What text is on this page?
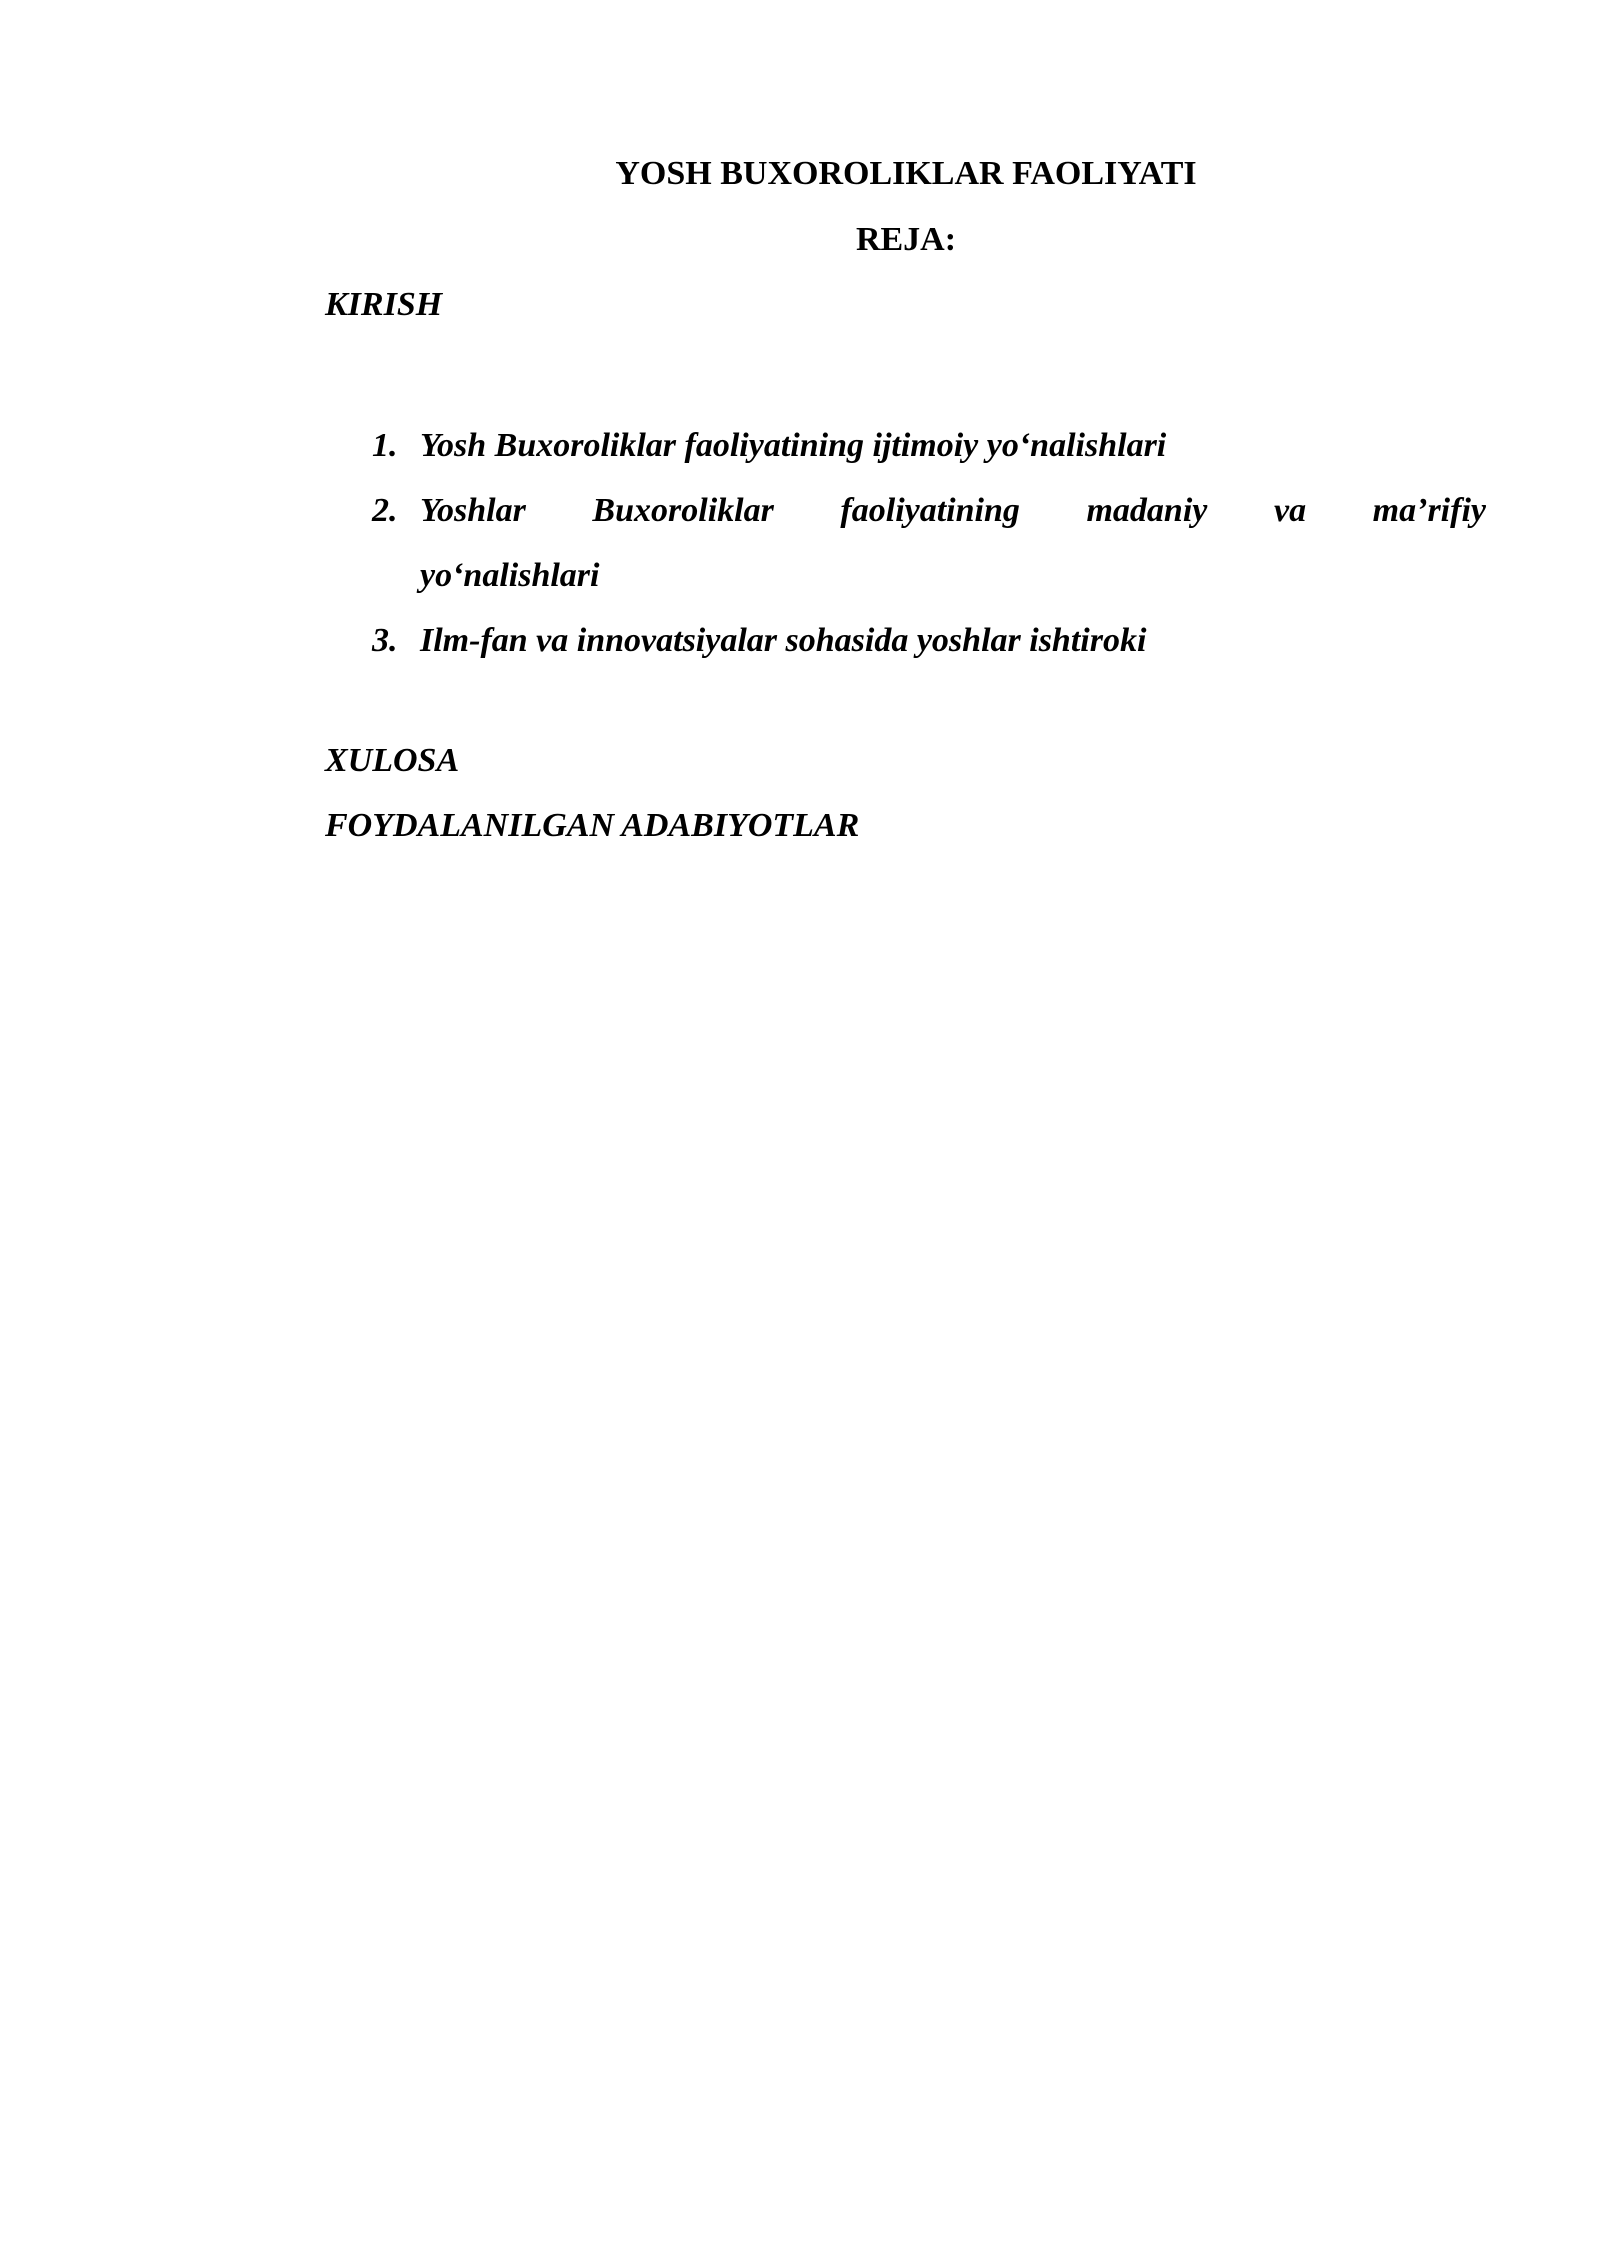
YOSH BUXOROLIKLAR FAOLIYATI
REJA:
KIRISH
1. Yosh Buxoroliklar faoliyatining ijtimoiy yo‘nalishlari
2. Yoshlar Buxoroliklar faoliyatining madaniy va ma’rifiy
yo‘nalishlari
3. Ilm-fan va innovatsiyalar sohasida yoshlar ishtiroki
XULOSA
FOYDALANILGAN ADABIYOTLAR
